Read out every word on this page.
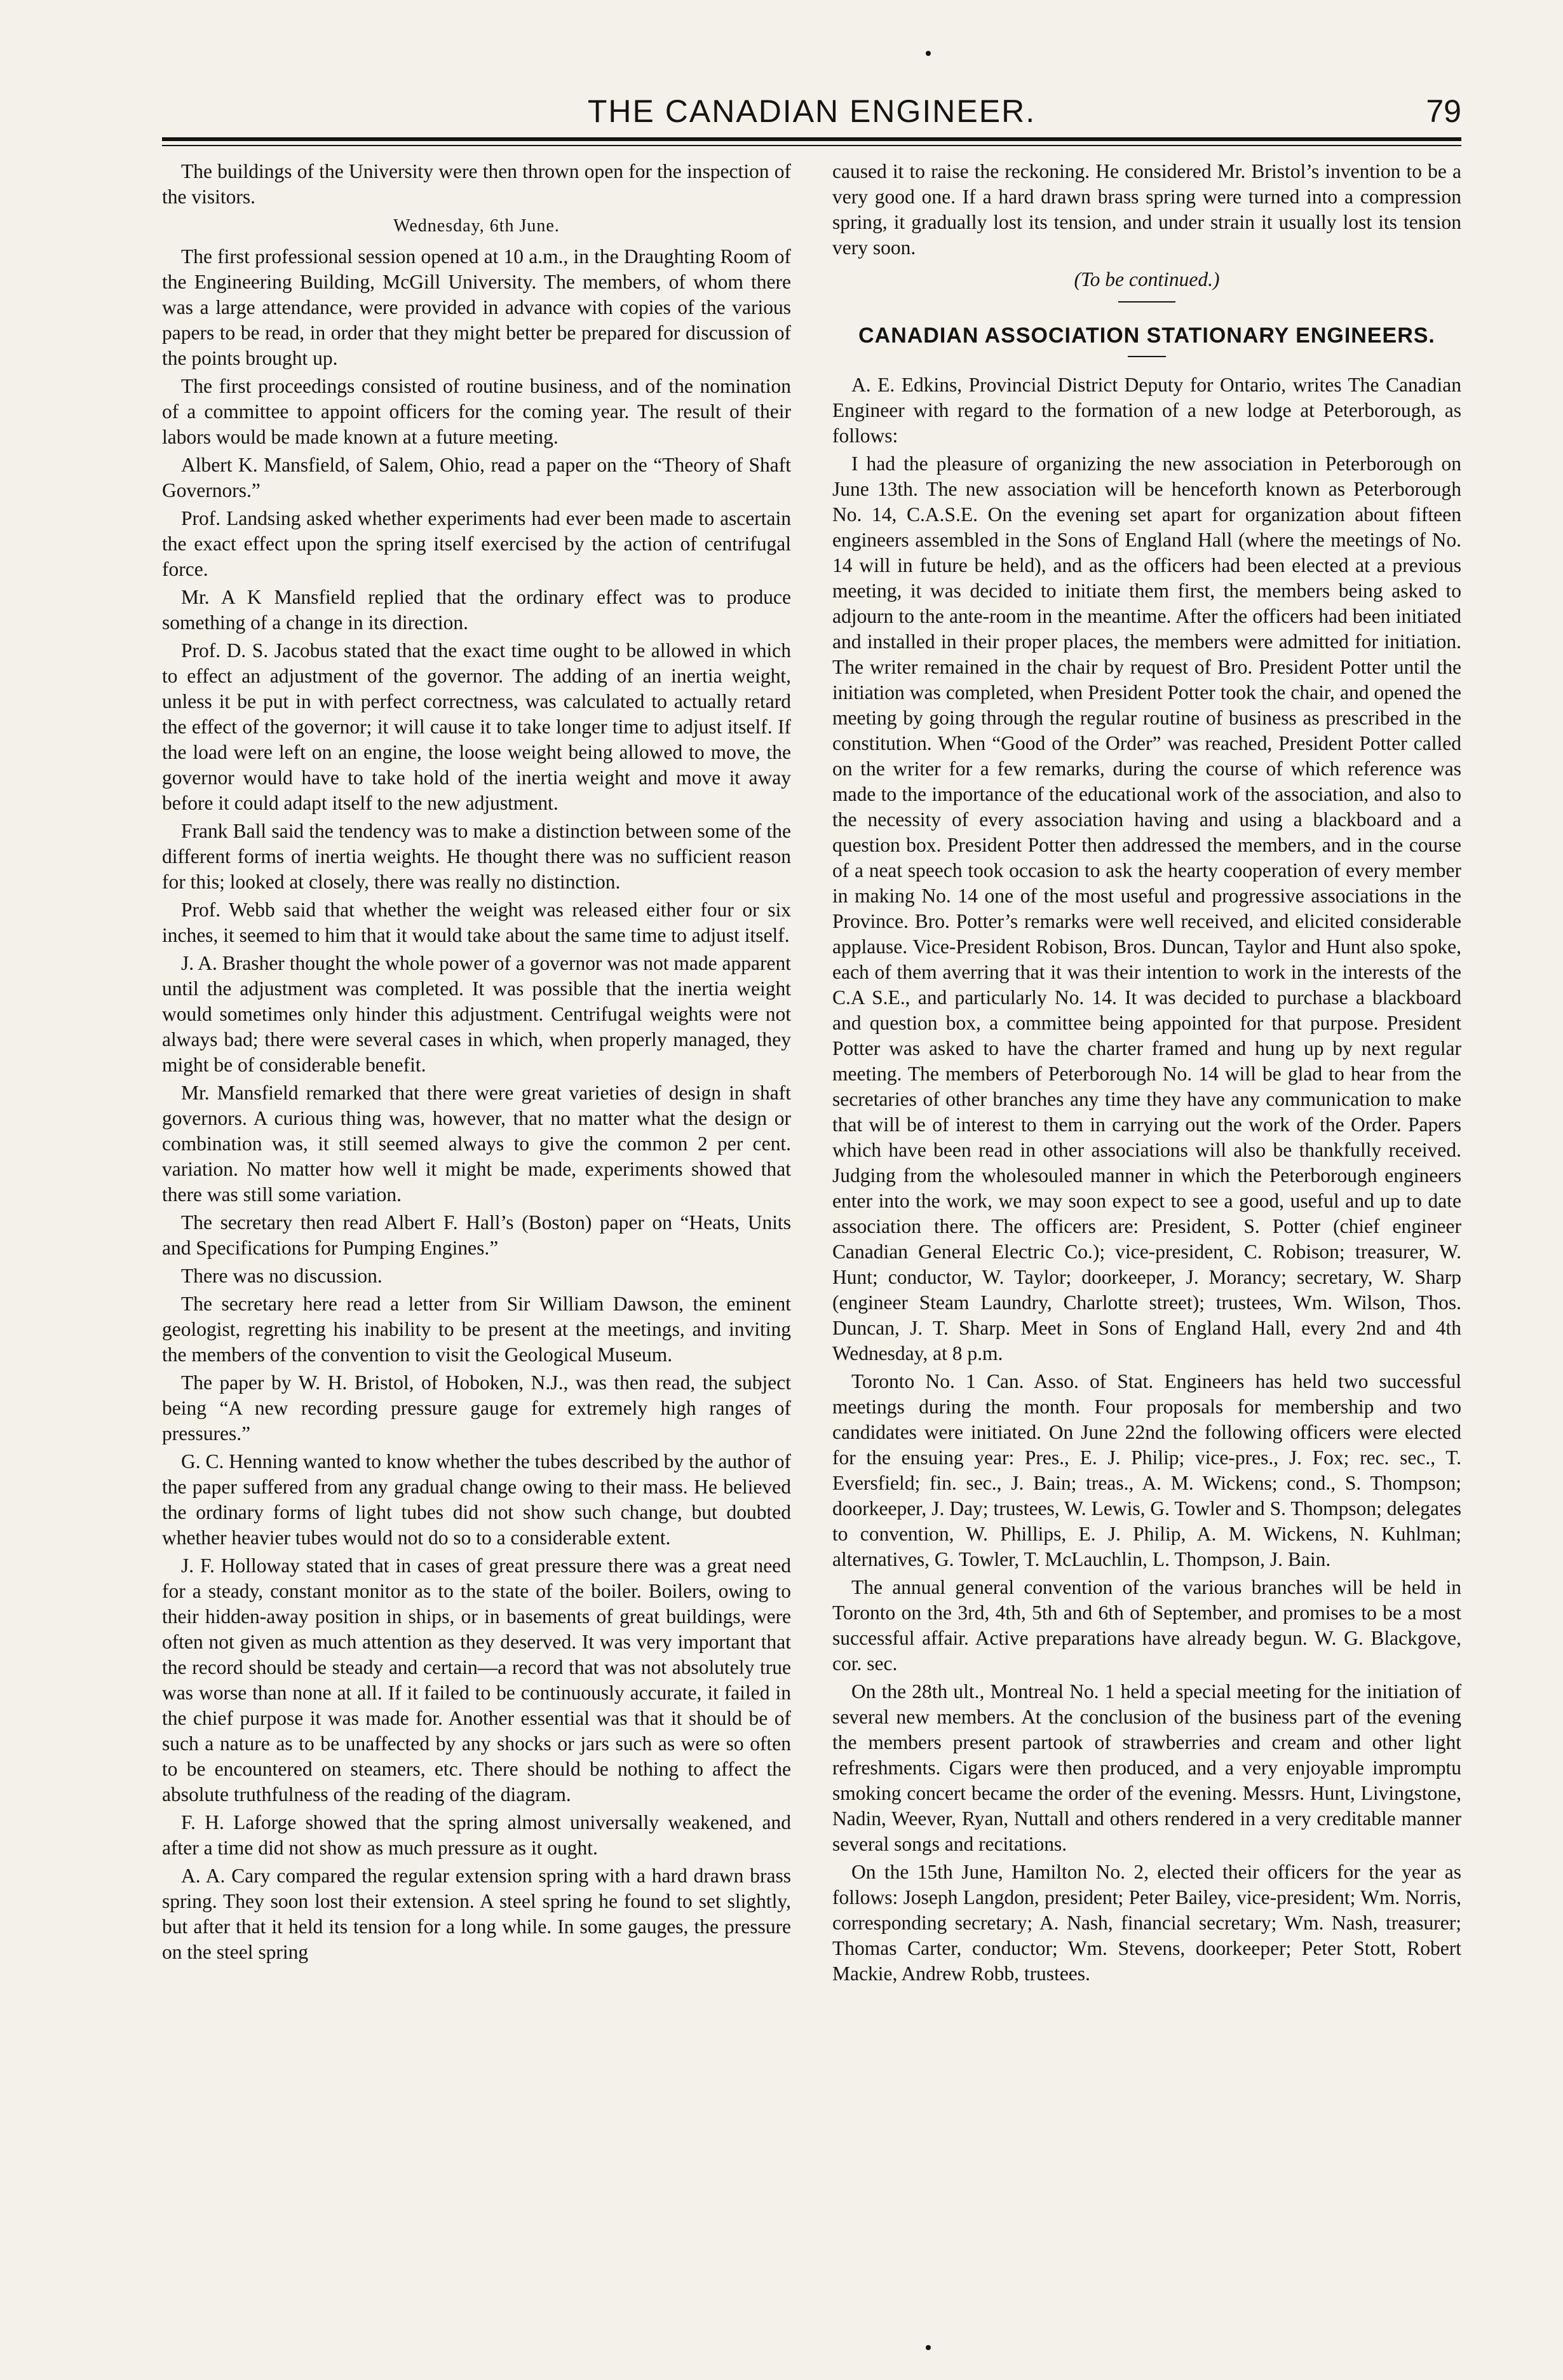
THE CANADIAN ENGINEER.	79

The buildings of the University were then thrown open for the inspection of the visitors.

Wednesday, 6th June.

The first professional session opened at 10 a.m., in the Draughting Room of the Engineering Building, McGill University. The members, of whom there was a large attendance, were provided in advance with copies of the various papers to be read, in order that they might better be prepared for discussion of the points brought up.

The first proceedings consisted of routine business, and of the nomination of a committee to appoint officers for the coming year. The result of their labors would be made known at a future meeting.

Albert K. Mansfield, of Salem, Ohio, read a paper on the “Theory of Shaft Governors.”

Prof. Landsing asked whether experiments had ever been made to ascertain the exact effect upon the spring itself exercised by the action of centrifugal force.

Mr. A K Mansfield replied that the ordinary effect was to produce something of a change in its direction.

Prof. D. S. Jacobus stated that the exact time ought to be allowed in which to effect an adjustment of the governor. The adding of an inertia weight, unless it be put in with perfect correctness, was calculated to actually retard the effect of the governor; it will cause it to take longer time to adjust itself. If the load were left on an engine, the loose weight being allowed to move, the governor would have to take hold of the inertia weight and move it away before it could adapt itself to the new adjustment.

Frank Ball said the tendency was to make a distinction between some of the different forms of inertia weights. He thought there was no sufficient reason for this; looked at closely, there was really no distinction.

Prof. Webb said that whether the weight was released either four or six inches, it seemed to him that it would take about the same time to adjust itself.

J. A. Brasher thought the whole power of a governor was not made apparent until the adjustment was completed. It was possible that the inertia weight would sometimes only hinder this adjustment. Centrifugal weights were not always bad; there were several cases in which, when properly managed, they might be of considerable benefit.

Mr. Mansfield remarked that there were great varieties of design in shaft governors. A curious thing was, however, that no matter what the design or combination was, it still seemed always to give the common 2 per cent. variation. No matter how well it might be made, experiments showed that there was still some variation.

The secretary then read Albert F. Hall’s (Boston) paper on “Heats, Units and Specifications for Pumping Engines.”

There was no discussion.

The secretary here read a letter from Sir William Dawson, the eminent geologist, regretting his inability to be present at the meetings, and inviting the members of the convention to visit the Geological Museum.

The paper by W. H. Bristol, of Hoboken, N.J., was then read, the subject being “A new recording pressure gauge for extremely high ranges of pressures.”

G. C. Henning wanted to know whether the tubes described by the author of the paper suffered from any gradual change owing to their mass. He believed the ordinary forms of light tubes did not show such change, but doubted whether heavier tubes would not do so to a considerable extent.

J. F. Holloway stated that in cases of great pressure there was a great need for a steady, constant monitor as to the state of the boiler. Boilers, owing to their hidden-away position in ships, or in basements of great buildings, were often not given as much attention as they deserved. It was very important that the record should be steady and certain—a record that was not absolutely true was worse than none at all. If it failed to be continuously accurate, it failed in the chief purpose it was made for. Another essential was that it should be of such a nature as to be unaffected by any shocks or jars such as were so often to be encountered on steamers, etc. There should be nothing to affect the absolute truthfulness of the reading of the diagram.

F. H. Laforge showed that the spring almost universally weakened, and after a time did not show as much pressure as it ought.

A. A. Cary compared the regular extension spring with a hard drawn brass spring. They soon lost their extension. A steel spring he found to set slightly, but after that it held its tension for a long while. In some gauges, the pressure on the steel spring

caused it to raise the reckoning. He considered Mr. Bristol’s invention to be a very good one. If a hard drawn brass spring were turned into a compression spring, it gradually lost its tension, and under strain it usually lost its tension very soon.

(To be continued.)

CANADIAN ASSOCIATION STATIONARY ENGINEERS.

A. E. Edkins, Provincial District Deputy for Ontario, writes The Canadian Engineer with regard to the formation of a new lodge at Peterborough, as follows:

I had the pleasure of organizing the new association in Peterborough on June 13th. The new association will be henceforth known as Peterborough No. 14, C.A.S.E. On the evening set apart for organization about fifteen engineers assembled in the Sons of England Hall (where the meetings of No. 14 will in future be held), and as the officers had been elected at a previous meeting, it was decided to initiate them first, the members being asked to adjourn to the ante-room in the meantime. After the officers had been initiated and installed in their proper places, the members were admitted for initiation. The writer remained in the chair by request of Bro. President Potter until the initiation was completed, when President Potter took the chair, and opened the meeting by going through the regular routine of business as prescribed in the constitution. When “Good of the Order” was reached, President Potter called on the writer for a few remarks, during the course of which reference was made to the importance of the educational work of the association, and also to the necessity of every association having and using a blackboard and a question box. President Potter then addressed the members, and in the course of a neat speech took occasion to ask the hearty cooperation of every member in making No. 14 one of the most useful and progressive associations in the Province. Bro. Potter’s remarks were well received, and elicited considerable applause. Vice-President Robison, Bros. Duncan, Taylor and Hunt also spoke, each of them averring that it was their intention to work in the interests of the C.A S.E., and particularly No. 14. It was decided to purchase a blackboard and question box, a committee being appointed for that purpose. President Potter was asked to have the charter framed and hung up by next regular meeting. The members of Peterborough No. 14 will be glad to hear from the secretaries of other branches any time they have any communication to make that will be of interest to them in carrying out the work of the Order. Papers which have been read in other associations will also be thankfully received. Judging from the wholesouled manner in which the Peterborough engineers enter into the work, we may soon expect to see a good, useful and up to date association there. The officers are: President, S. Potter (chief engineer Canadian General Electric Co.); vice-president, C. Robison; treasurer, W. Hunt; conductor, W. Taylor; doorkeeper, J. Morancy; secretary, W. Sharp (engineer Steam Laundry, Charlotte street); trustees, Wm. Wilson, Thos. Duncan, J. T. Sharp. Meet in Sons of England Hall, every 2nd and 4th Wednesday, at 8 p.m.

Toronto No. 1 Can. Asso. of Stat. Engineers has held two successful meetings during the month. Four proposals for membership and two candidates were initiated. On June 22nd the following officers were elected for the ensuing year: Pres., E. J. Philip; vice-pres., J. Fox; rec. sec., T. Eversfield; fin. sec., J. Bain; treas., A. M. Wickens; cond., S. Thompson; doorkeeper, J. Day; trustees, W. Lewis, G. Towler and S. Thompson; delegates to convention, W. Phillips, E. J. Philip, A. M. Wickens, N. Kuhlman; alternatives, G. Towler, T. McLauchlin, L. Thompson, J. Bain.

The annual general convention of the various branches will be held in Toronto on the 3rd, 4th, 5th and 6th of September, and promises to be a most successful affair. Active preparations have already begun. W. G. Blackgove, cor. sec.

On the 28th ult., Montreal No. 1 held a special meeting for the initiation of several new members. At the conclusion of the business part of the evening the members present partook of strawberries and cream and other light refreshments. Cigars were then produced, and a very enjoyable impromptu smoking concert became the order of the evening. Messrs. Hunt, Livingstone, Nadin, Weever, Ryan, Nuttall and others rendered in a very creditable manner several songs and recitations.

On the 15th June, Hamilton No. 2, elected their officers for the year as follows: Joseph Langdon, president; Peter Bailey, vice-president; Wm. Norris, corresponding secretary; A. Nash, financial secretary; Wm. Nash, treasurer; Thomas Carter, conductor; Wm. Stevens, doorkeeper; Peter Stott, Robert Mackie, Andrew Robb, trustees.
